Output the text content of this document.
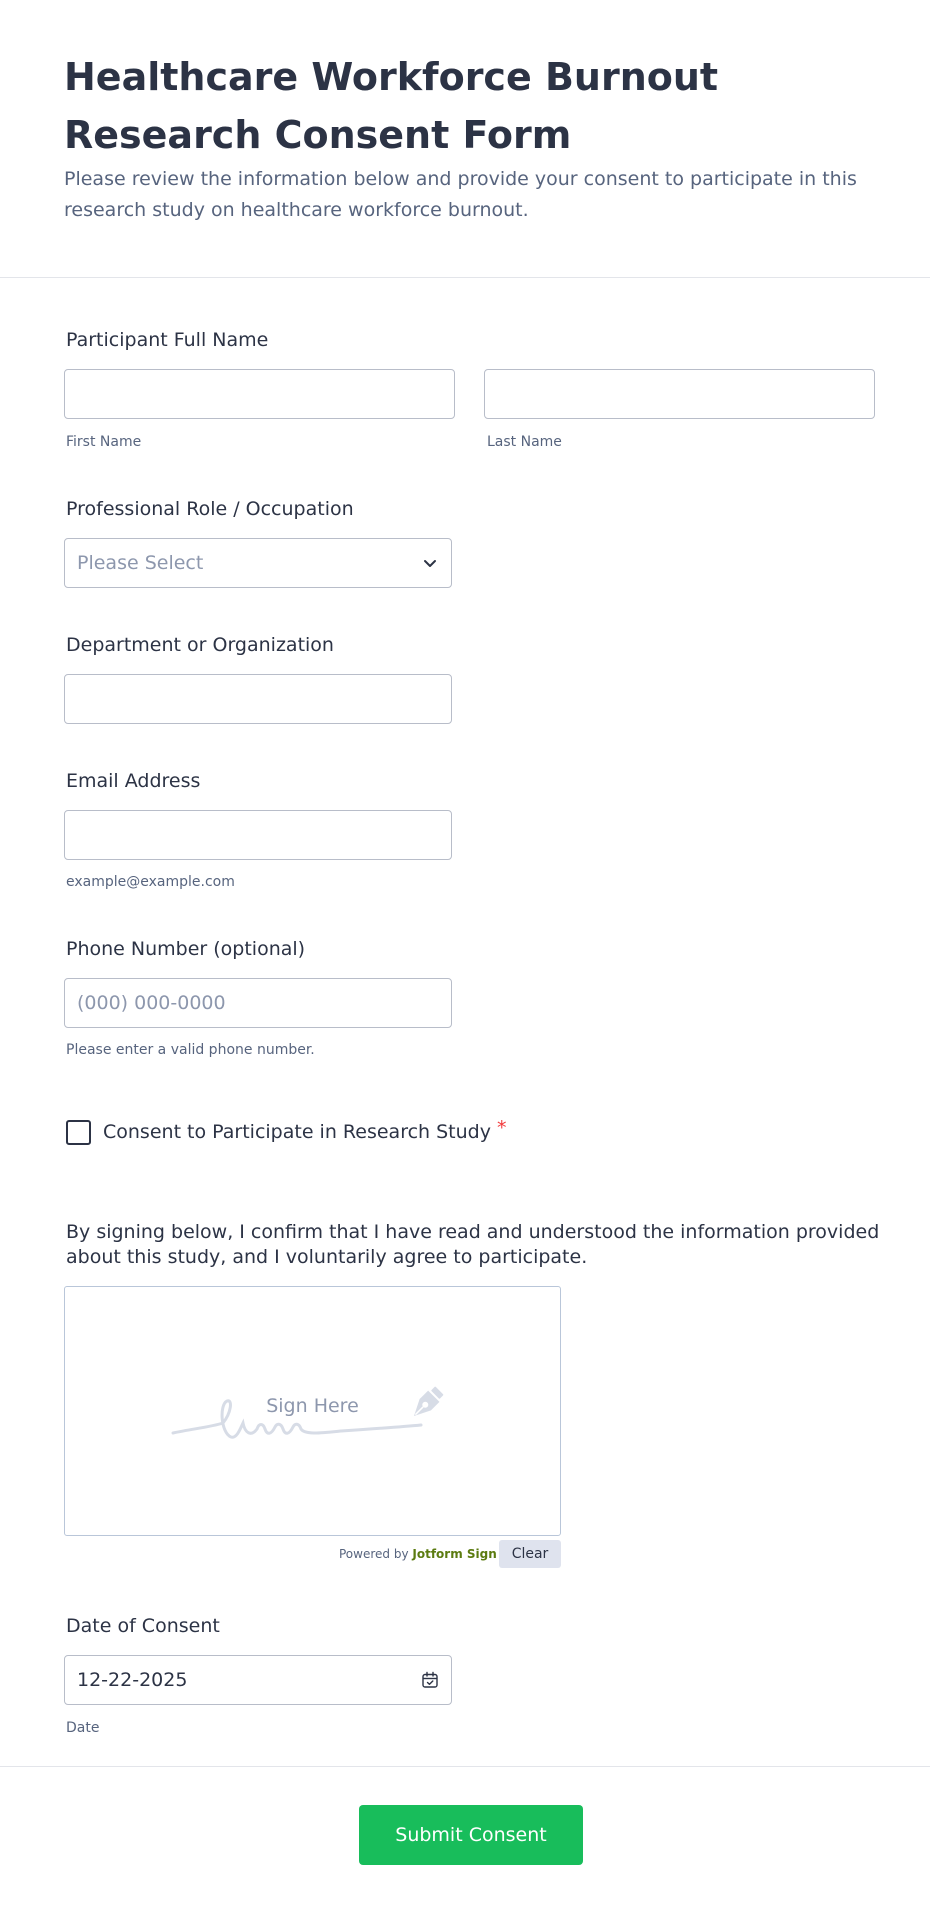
Healthcare Workforce Burnout Research Consent Form

Please review the information below and provide your consent to participate in this research study on healthcare workforce burnout.

Participant Full Name
First Name	Last Name
Professional Role / Occupation
Please Select
Department or Organization
Email Address
example@example.com
Phone Number (optional)
(000) 000-0000
Please enter a valid phone number.
Consent to Participate in Research Study *
By signing below, I confirm that I have read and understood the information provided about this study, and I voluntarily agree to participate.
Sign Here
Powered by Jotform Sign	Clear
Date of Consent
12-22-2025
Date
Submit Consent
